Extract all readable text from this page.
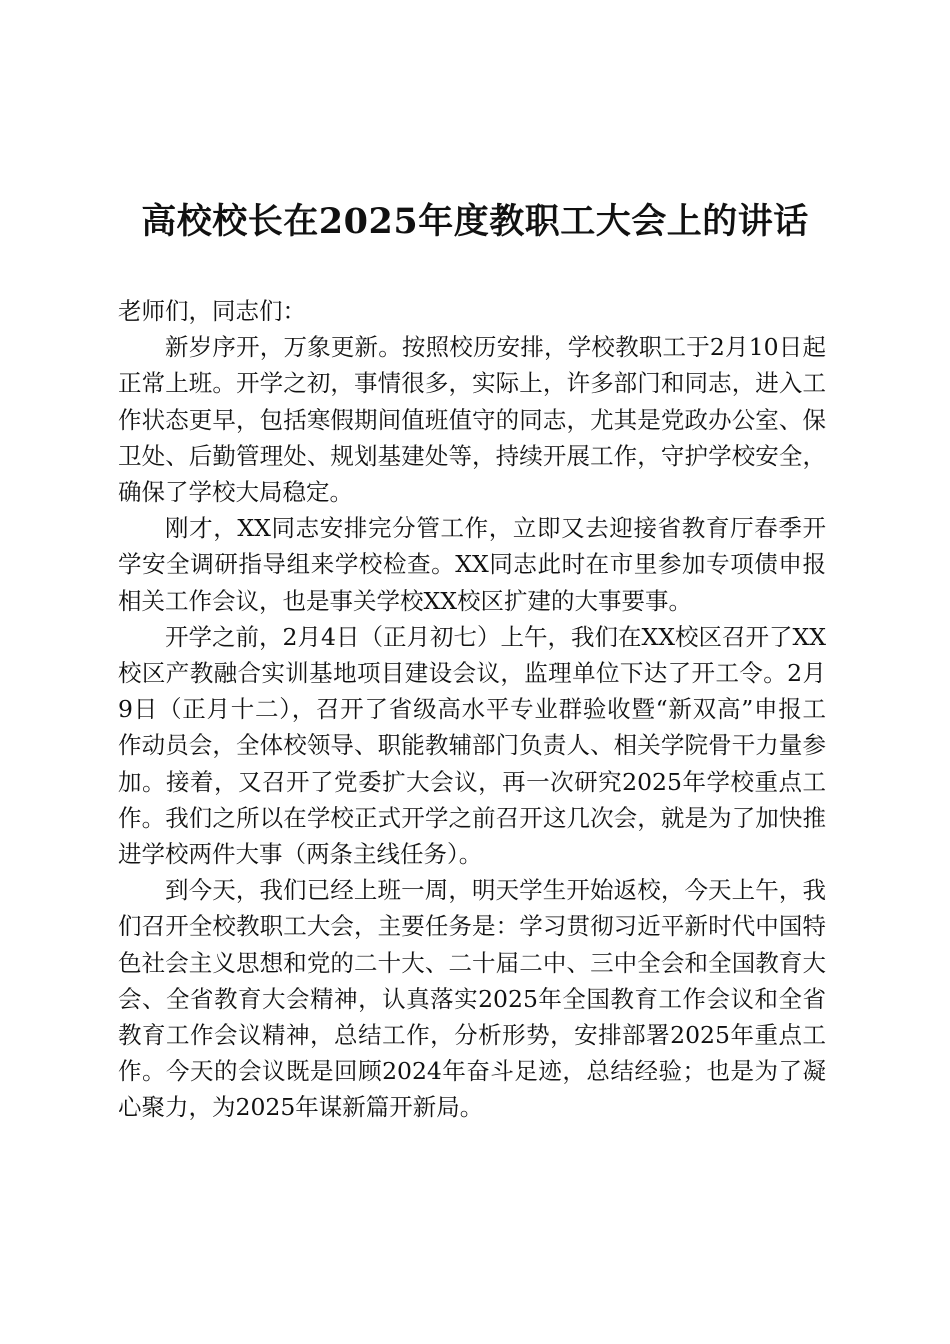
高校校长在2025年度教职工大会上的讲话

老师们，同志们：

新岁序开，万象更新。按照校历安排，学校教职工于2月10日起正常上班。开学之初，事情很多，实际上，许多部门和同志，进入工作状态更早，包括寒假期间值班值守的同志，尤其是党政办公室、保卫处、后勤管理处、规划基建处等，持续开展工作，守护学校安全，确保了学校大局稳定。

刚才，XX同志安排完分管工作，立即又去迎接省教育厅春季开学安全调研指导组来学校检查。XX同志此时在市里参加专项债申报相关工作会议，也是事关学校XX校区扩建的大事要事。

开学之前，2月4日（正月初七）上午，我们在XX校区召开了XX校区产教融合实训基地项目建设会议，监理单位下达了开工令。2月9日（正月十二），召开了省级高水平专业群验收暨“新双高”申报工作动员会，全体校领导、职能教辅部门负责人、相关学院骨干力量参加。接着，又召开了党委扩大会议，再一次研究2025年学校重点工作。我们之所以在学校正式开学之前召开这几次会，就是为了加快推进学校两件大事（两条主线任务）。

到今天，我们已经上班一周，明天学生开始返校，今天上午，我们召开全校教职工大会，主要任务是：学习贯彻习近平新时代中国特色社会主义思想和党的二十大、二十届二中、三中全会和全国教育大会、全省教育大会精神，认真落实2025年全国教育工作会议和全省教育工作会议精神，总结工作，分析形势，安排部署2025年重点工作。今天的会议既是回顾2024年奋斗足迹，总结经验；也是为了凝心聚力，为2025年谋新篇开新局。
